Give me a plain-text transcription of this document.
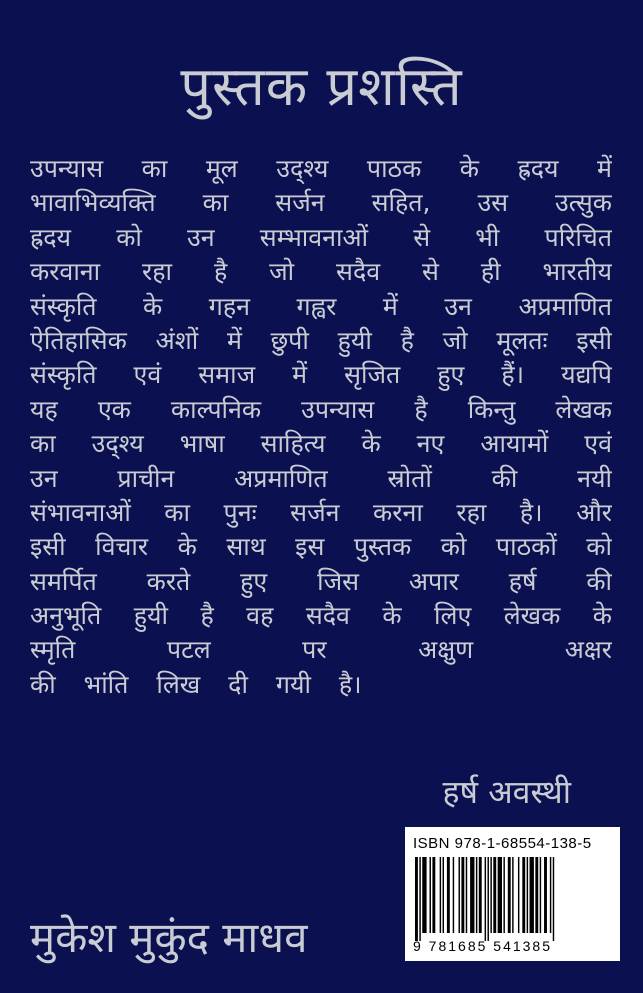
पुस्तक प्रशस्ति
उपन्यास का मूल उद्श्य पाठक के ह्रदय में
भावाभिव्यक्ति का सर्जन सहित, उस उत्सुक
ह्रदय को उन सम्भावनाओं से भी परिचित
करवाना रहा है जो सदैव से ही भारतीय
संस्कृति के गहन गह्वर में उन अप्रमाणित
ऐतिहासिक अंशों में छुपी हुयी है जो मूलतः इसी
संस्कृति एवं समाज में सृजित हुए हैं। यद्यपि
यह एक काल्पनिक उपन्यास है किन्तु लेखक
का उद्श्य भाषा साहित्य के नए आयामों एवं
उन प्राचीन अप्रमाणित स्रोतों की नयी
संभावनाओं का पुनः सर्जन करना रहा है। और
इसी विचार के साथ इस पुस्तक को पाठकों को
समर्पित करते हुए जिस अपार हर्ष की
अनुभूति हुयी है वह सदैव के लिए लेखक के
स्मृति पटल पर अक्षुण अक्षर
की भांति लिख दी गयी है।
हर्ष अवस्थी
मुकेश मुकुंद माधव
ISBN 978-1-68554-138-5
9 781685 541385
